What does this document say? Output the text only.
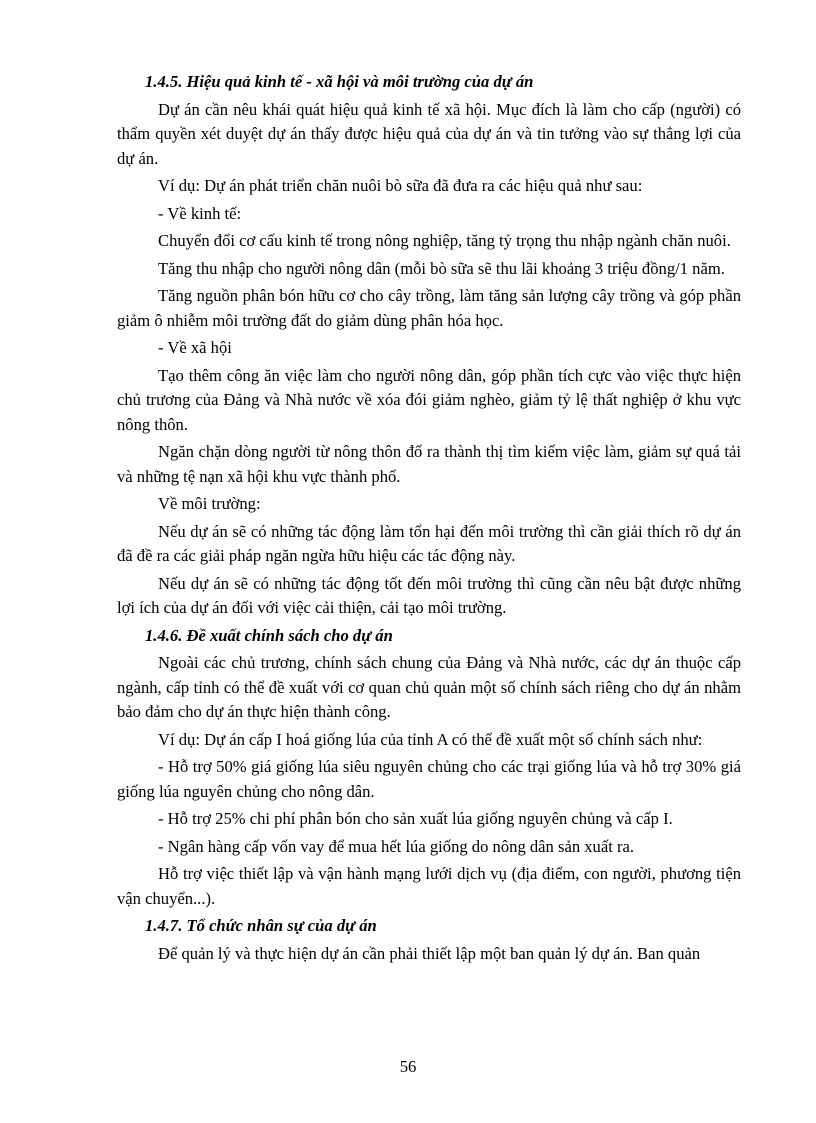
1.4.5. Hiệu quả kinh tế - xã hội và môi trường của dự án

Dự án cần nêu khái quát hiệu quả kinh tế xã hội. Mục đích là làm cho cấp (người) có thẩm quyền xét duyệt dự án thấy được hiệu quả của dự án và tin tưởng vào sự thắng lợi của dự án.

Ví dụ: Dự án phát triển chăn nuôi bò sữa đã đưa ra các hiệu quả như sau:

- Về kinh tế:

Chuyển đổi cơ cấu kinh tế trong nông nghiệp, tăng tỷ trọng thu nhập ngành chăn nuôi.

Tăng thu nhập cho người nông dân (mỗi bò sữa sẽ thu lãi khoảng 3 triệu đồng/1 năm.

Tăng nguồn phân bón hữu cơ cho cây trồng, làm tăng sản lượng cây trồng và góp phần giảm ô nhiễm môi trường đất do giảm dùng phân hóa học.

- Về xã hội

Tạo thêm công ăn việc làm cho người nông dân, góp phần tích cực vào việc thực hiện chủ trương của Đảng và Nhà nước về xóa đói giảm nghèo, giảm tỷ lệ thất nghiệp ở khu vực nông thôn.

Ngăn chặn dòng người từ nông thôn đổ ra thành thị tìm kiếm việc làm, giảm sự quá tải và những tệ nạn xã hội khu vực thành phố.

Về môi trường:

Nếu dự án sẽ có những tác động làm tổn hại đến môi trường thì cần giải thích rõ dự án đã đề ra các giải pháp ngăn ngừa hữu hiệu các tác động này.

Nếu dự án sẽ có những tác động tốt đến môi trường thì cũng cần nêu bật được những lợi ích của dự án đối với việc cải thiện, cải tạo môi trường.

1.4.6. Đề xuất chính sách cho dự án

Ngoài các chủ trương, chính sách chung của Đảng và Nhà nước, các dự án thuộc cấp ngành, cấp tỉnh có thể đề xuất với cơ quan chủ quản một số chính sách riêng cho dự án nhằm bảo đảm cho dự án thực hiện thành công.

Ví dụ: Dự án cấp I hoá giống lúa của tỉnh A có thể đề xuất một số chính sách như:

- Hỗ trợ 50% giá giống lúa siêu nguyên chủng cho các trại giống lúa và hỗ trợ 30% giá giống lúa nguyên chủng cho nông dân.

- Hỗ trợ 25% chi phí phân bón cho sản xuất lúa giống nguyên chủng và cấp I.

- Ngân hàng cấp vốn vay để mua hết lúa giống do nông dân sản xuất ra.

Hỗ trợ việc thiết lập và vận hành mạng lưới dịch vụ (địa điểm, con người, phương tiện vận chuyển...).

1.4.7. Tổ chức nhân sự của dự án

Để quản lý và thực hiện dự án cần phải thiết lập một ban quản lý dự án. Ban quản

56
